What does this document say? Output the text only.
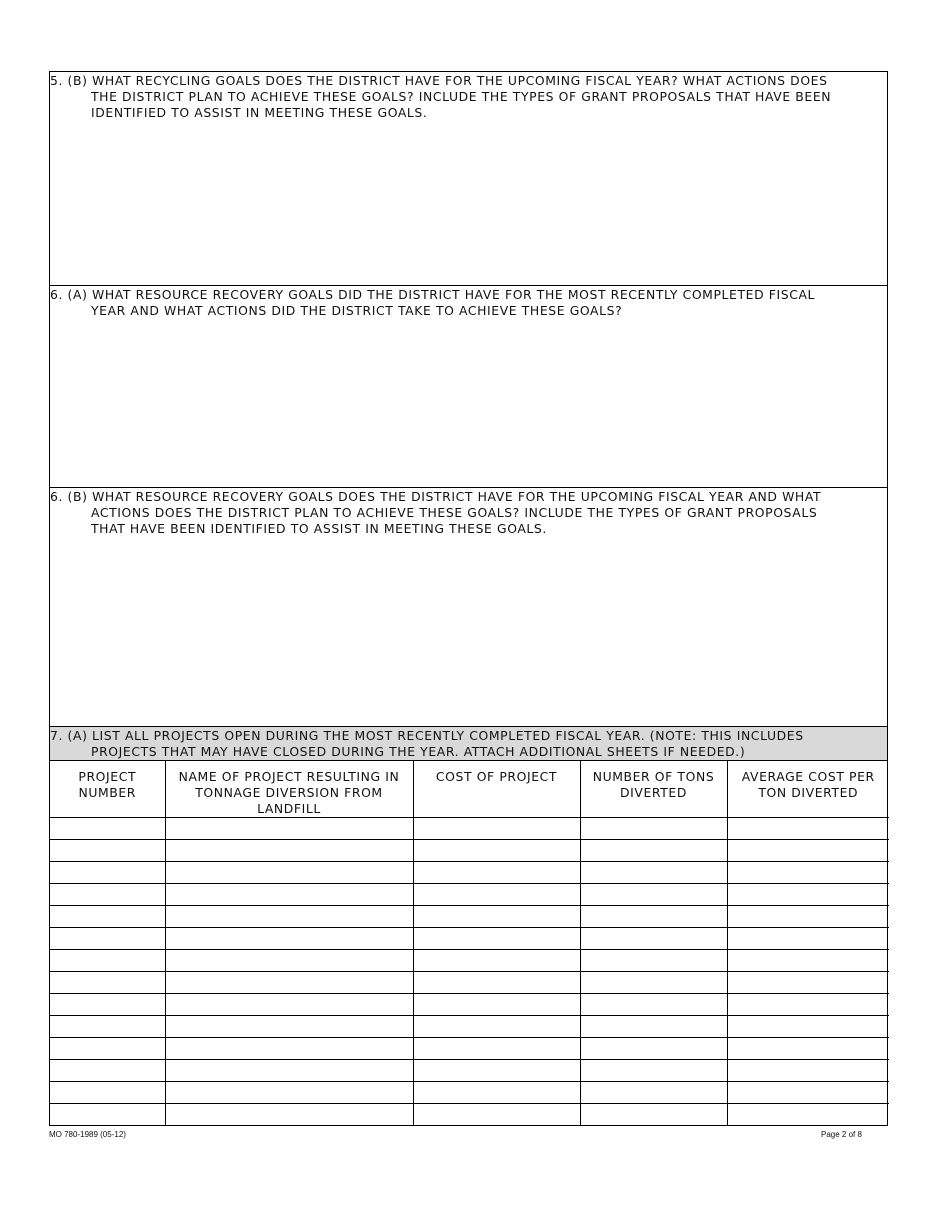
5. (B) WHAT RECYCLING GOALS DOES THE DISTRICT HAVE FOR THE UPCOMING FISCAL YEAR? WHAT ACTIONS DOES
THE DISTRICT PLAN TO ACHIEVE THESE GOALS? INCLUDE THE TYPES OF GRANT PROPOSALS THAT HAVE BEEN
IDENTIFIED TO ASSIST IN MEETING THESE GOALS.

6. (A) WHAT RESOURCE RECOVERY GOALS DID THE DISTRICT HAVE FOR THE MOST RECENTLY COMPLETED FISCAL
YEAR AND WHAT ACTIONS DID THE DISTRICT TAKE TO ACHIEVE THESE GOALS?

6. (B) WHAT RESOURCE RECOVERY GOALS DOES THE DISTRICT HAVE FOR THE UPCOMING FISCAL YEAR AND WHAT
ACTIONS DOES THE DISTRICT PLAN TO ACHIEVE THESE GOALS? INCLUDE THE TYPES OF GRANT PROPOSALS
THAT HAVE BEEN IDENTIFIED TO ASSIST IN MEETING THESE GOALS.

7. (A) LIST ALL PROJECTS OPEN DURING THE MOST RECENTLY COMPLETED FISCAL YEAR. (NOTE: THIS INCLUDES
PROJECTS THAT MAY HAVE CLOSED DURING THE YEAR. ATTACH ADDITIONAL SHEETS IF NEEDED.)

PROJECT NUMBER	NAME OF PROJECT RESULTING IN TONNAGE DIVERSION FROM LANDFILL	COST OF PROJECT	NUMBER OF TONS DIVERTED	AVERAGE COST PER TON DIVERTED

MO 780-1989 (05-12)	Page 2 of 8
